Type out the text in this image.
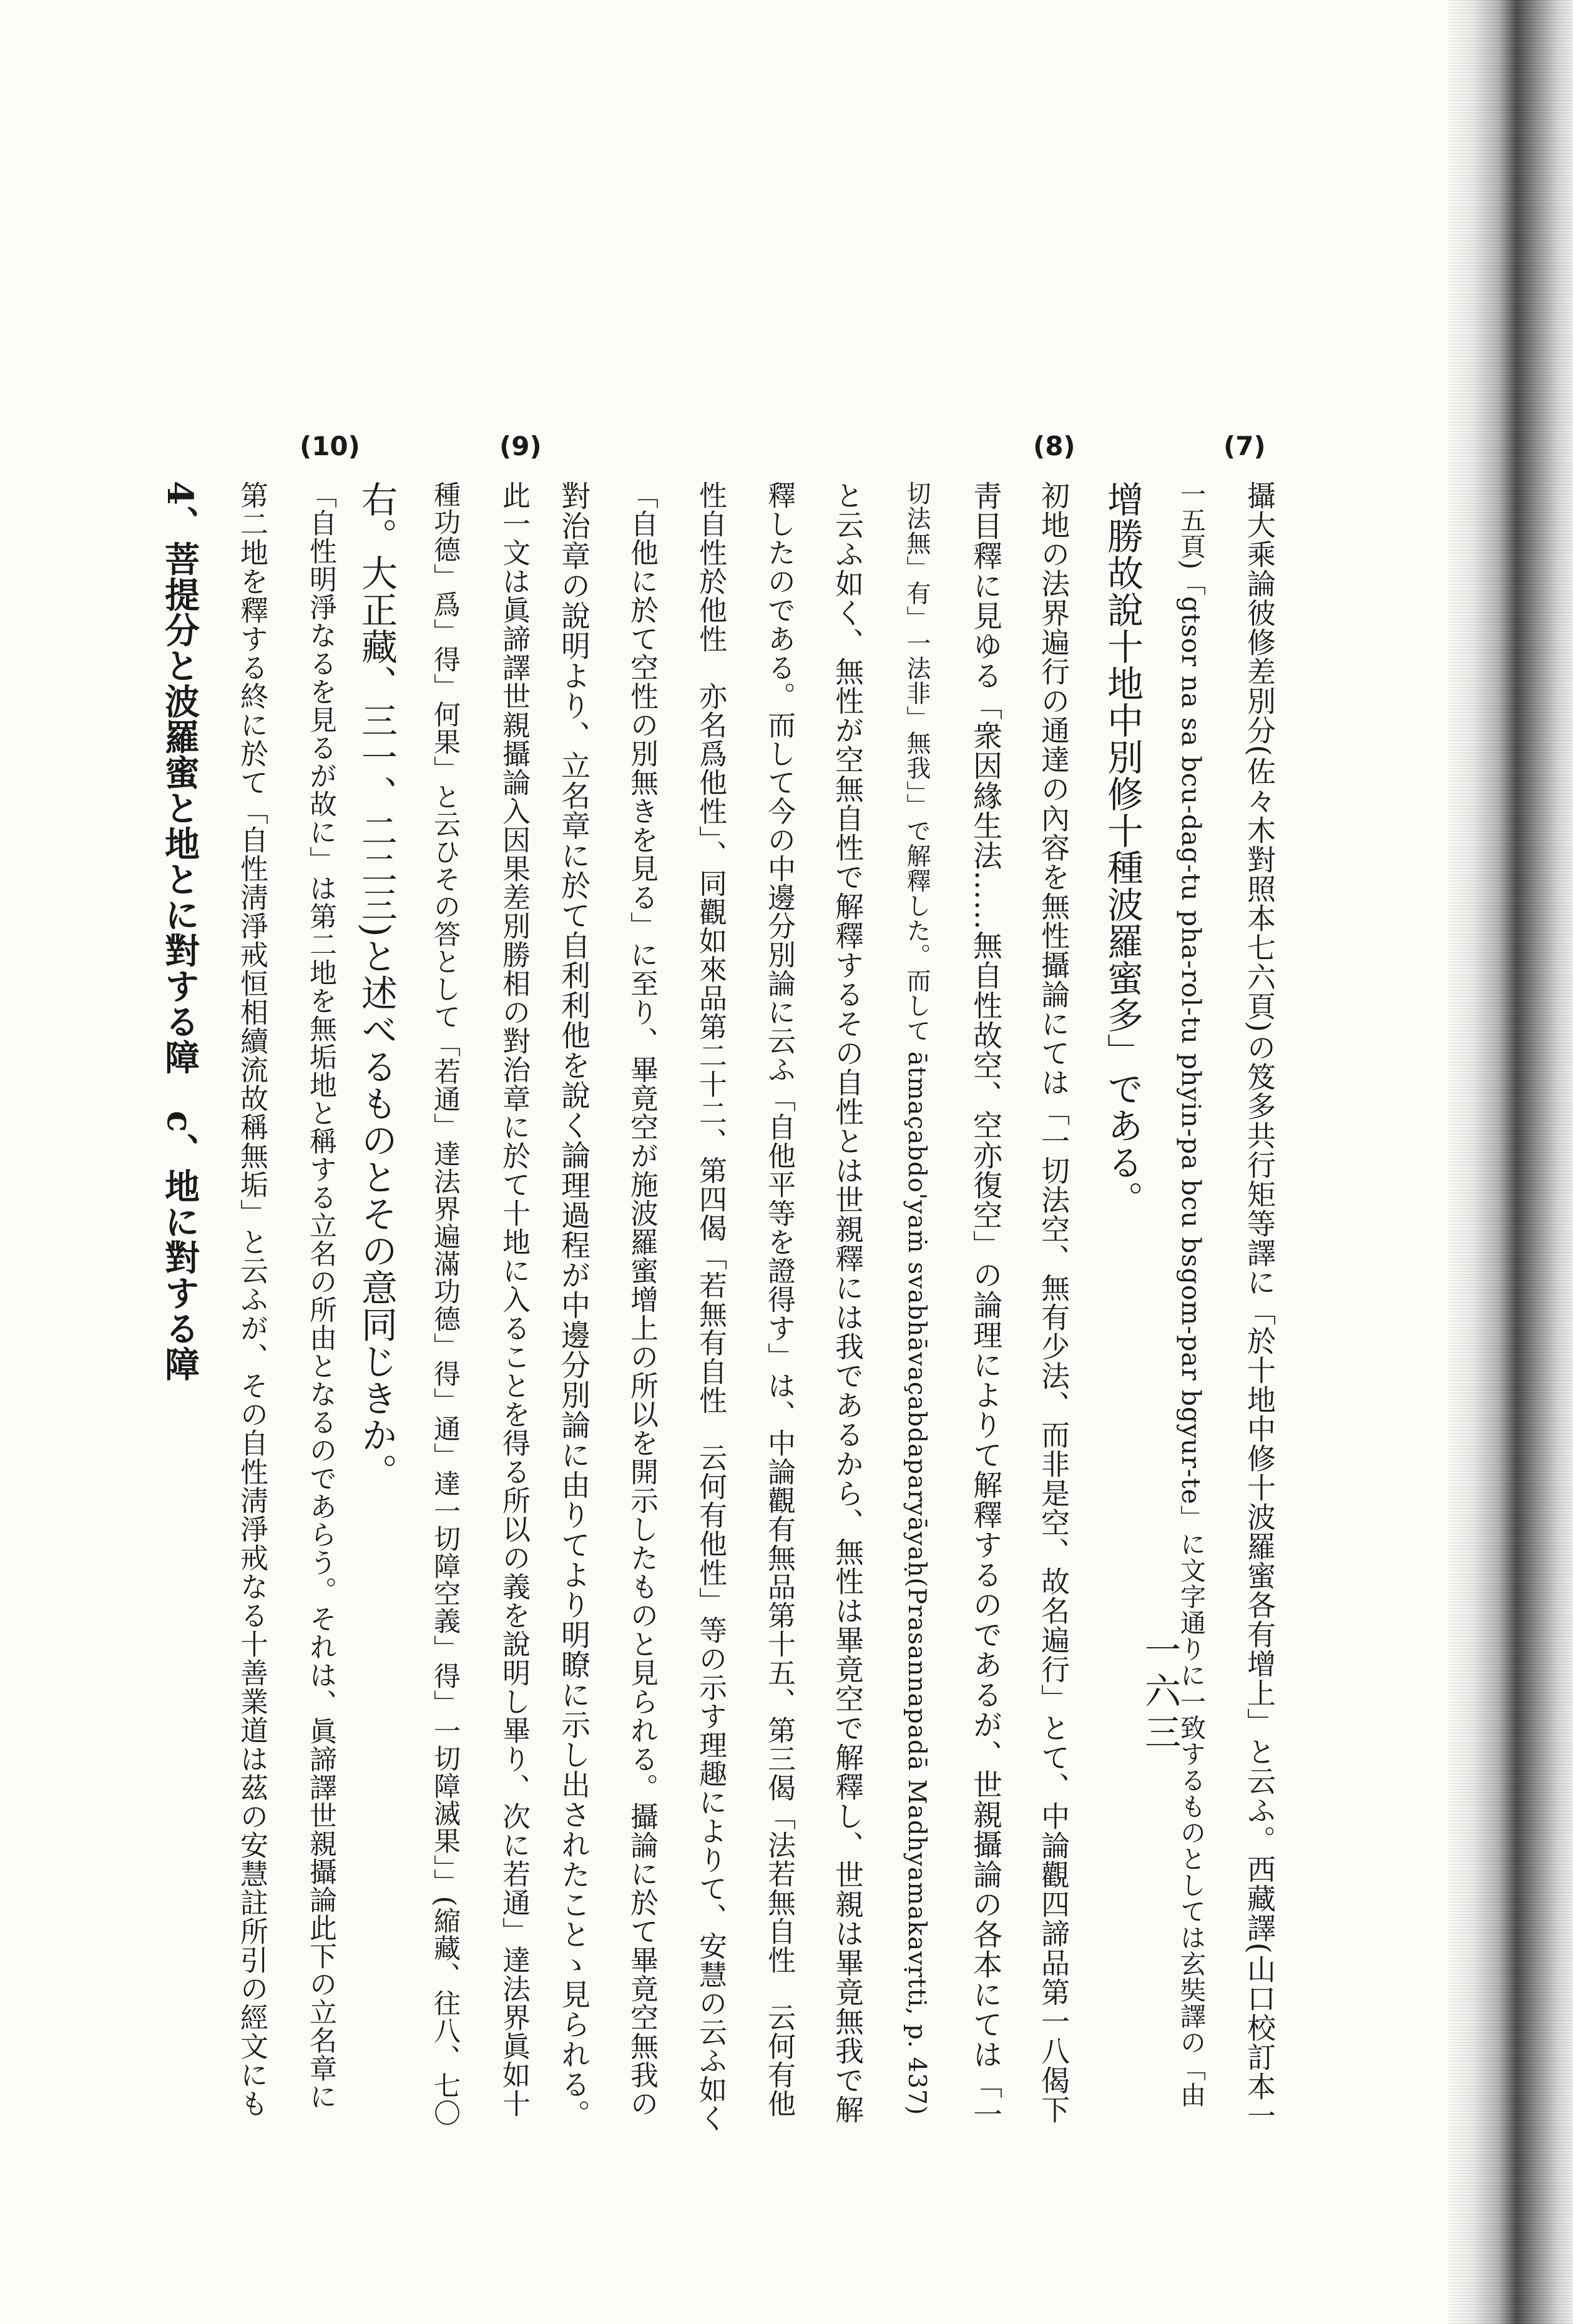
(7)
攝大乘論彼修差別分(佐々木對照本七六頁)の笈多共行矩等譯に「於十地中修十波羅蜜各有增上」と云ふ。西藏譯(山口校訂本一
一五頁)「gtsor na sa bcu-dag-tu pha-rol-tu phyin-pa bcu bsgom-par bgyur-te」に文字通りに一致するものとしては玄奘譯の「由
增勝故說十地中別修十種波羅蜜多」である。
(8)
初地の法界遍行の通達の內容を無性攝論にては「一切法空、無有少法、而非是空、故名遍行」とて、中論觀四諦品第一八偈下
靑目釋に見ゆる「衆因緣生法……無自性故空、空亦復空」の論理によりて解釋するのであるが、世親攝論の各本にては「一
切法無」有」一法非」無我」」で解釋した。而して ātmaçabdo'yaṁ svabhāvaçabdaparyāyaḥ(Prasannapadā Madhyamakavṛtti, p. 437)
と云ふ如く、無性が空無自性で解釋するその自性とは世親釋には我であるから、無性は畢竟空で解釋し、世親は畢竟無我で解
釋したのである。而して今の中邊分別論に云ふ「自他平等を證得す」は、中論觀有無品第十五、第三偈「法若無自性　云何有他
性自性於他性　亦名爲他性」、同觀如來品第二十二、第四偈「若無有自性　云何有他性」等の示す理趣によりて、安慧の云ふ如く
「自他に於て空性の別無きを見る」に至り、畢竟空が施波羅蜜增上の所以を開示したものと見られる。攝論に於て畢竟空無我の
對治章の說明より、立名章に於て自利利他を說く論理過程が中邊分別論に由りてより明瞭に示し出されたことゝ見られる。
(9)
此一文は眞諦譯世親攝論入因果差別勝相の對治章に於て十地に入ることを得る所以の義を說明し畢り、次に若通」達法界眞如十
種功德」爲」得」何果」と云ひその答として「若通」達法界遍滿功德」得」通」達一切障空義」得」一切障滅果」」(縮藏、往八、七〇
右。大正藏、三一、二二三)と述べるものとその意同じきか。
(10)
「自性明淨なるを見るが故に」は第二地を無垢地と稱する立名の所由となるのであらう。それは、眞諦譯世親攝論此下の立名章に
第二地を釋する終に於て「自性淸淨戒恒相續流故稱無垢」と云ふが、その自性淸淨戒なる十善業道は茲の安慧註所引の經文にも
4、菩提分と波羅蜜と地とに對する障　c、地に對する障
一六三
